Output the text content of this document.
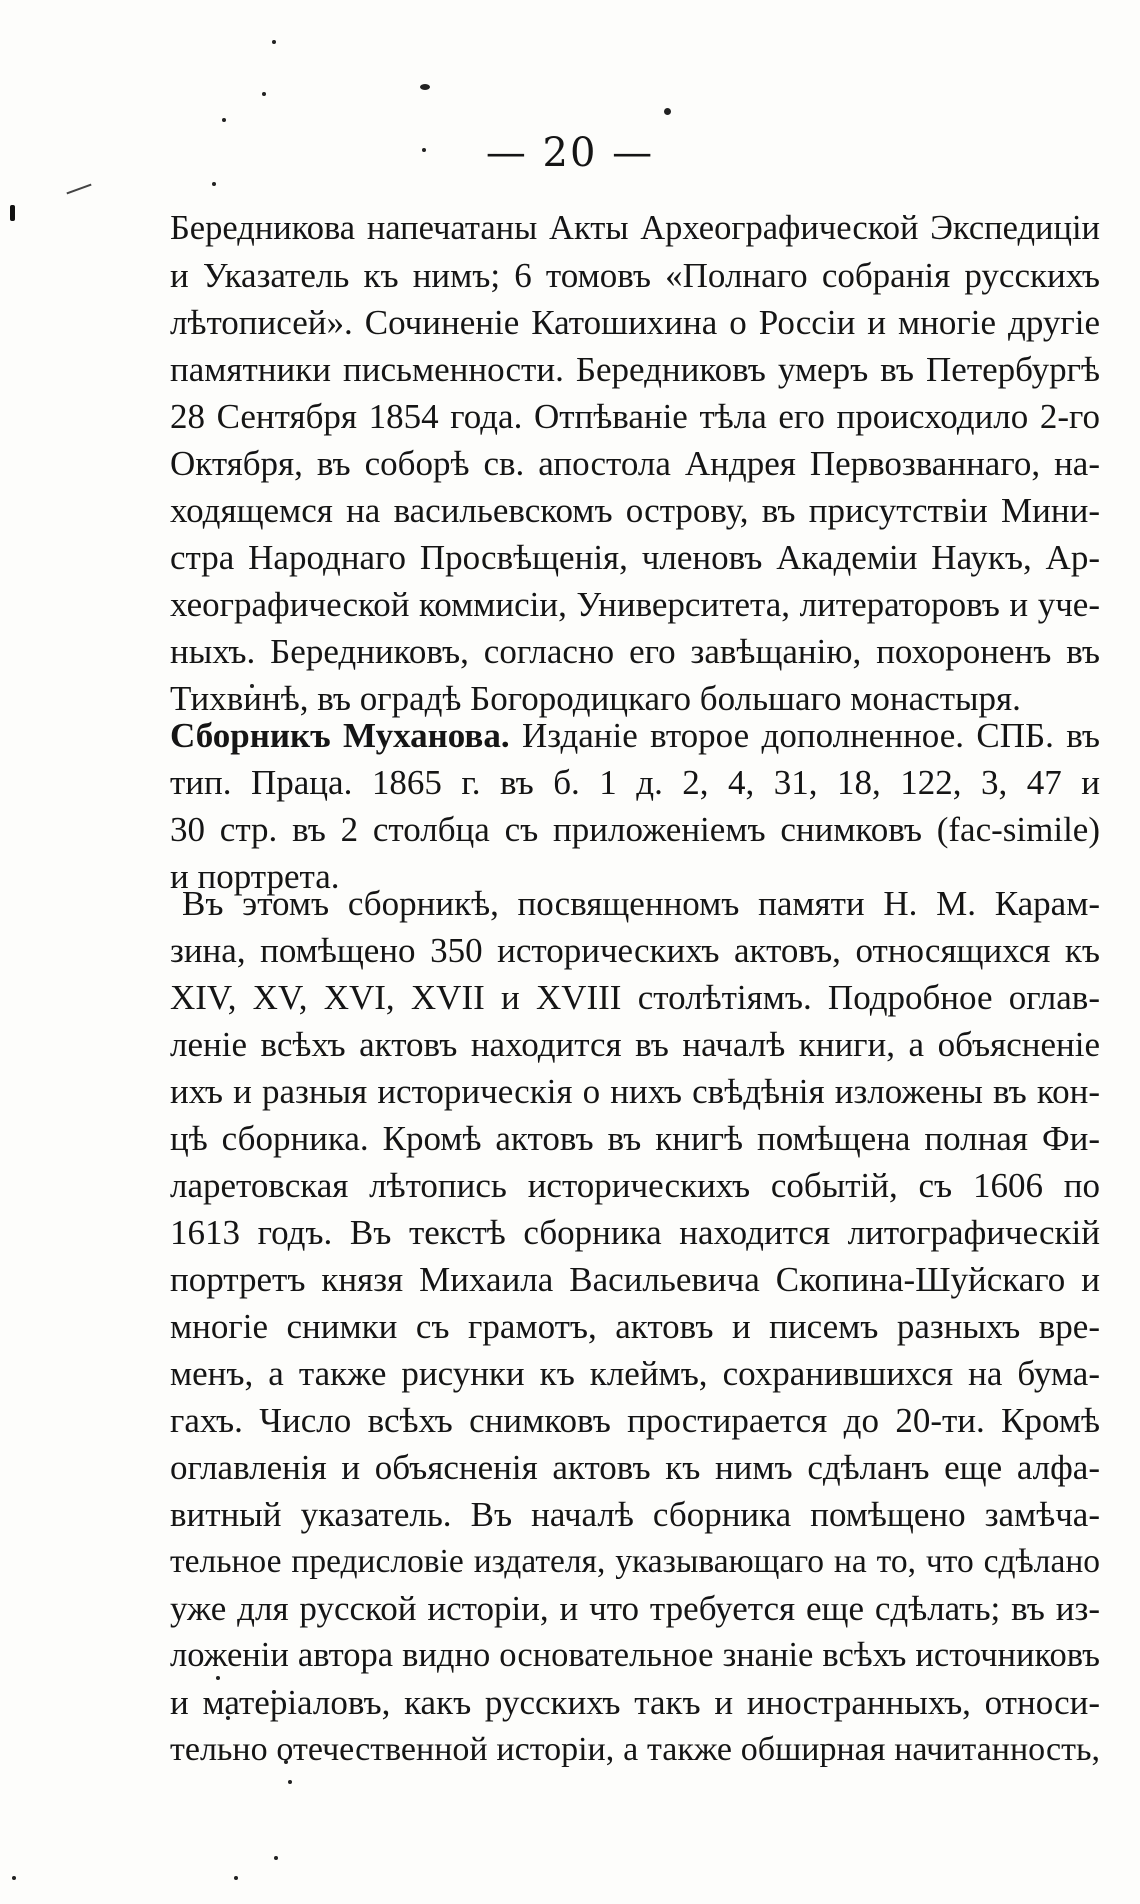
— 20 —
Бередникова напечатаны Акты Археографической Экспедиціи
и Указатель къ нимъ; 6 томовъ «Полнаго собранія русскихъ
лѣтописей». Сочиненіе Катошихина о Россіи и многіе другіе
памятники письменности. Бередниковъ умеръ въ Петербургѣ
28 Сентября 1854 года. Отпѣваніе тѣла его происходило 2-го
Октября, въ соборѣ св. апостола Андрея Первозваннаго, на-
ходящемся на васильевскомъ острову, въ присутствіи Мини-
стра Народнаго Просвѣщенія, членовъ Академіи Наукъ, Ар-
хеографической коммисіи, Университета, литераторовъ и уче-
ныхъ. Бередниковъ, согласно его завѣщанію, похороненъ въ
Тихвинѣ, въ оградѣ Богородицкаго большаго монастыря.
Сборникъ Муханова. Изданіе второе дополненное. СПБ. въ
тип. Праца. 1865 г. въ б. 1 д. 2, 4, 31, 18, 122, 3, 47 и
30 стр. въ 2 столбца съ приложеніемъ снимковъ (fac-simile)
и портрета.
Въ этомъ сборникѣ, посвященномъ памяти Н. М. Карам-
зина, помѣщено 350 историческихъ актовъ, относящихся къ
XIV, XV, XVI, XVII и XVIII столѣтіямъ. Подробное оглав-
леніе всѣхъ актовъ находится въ началѣ книги, а объясненіе
ихъ и разныя историческія о нихъ свѣдѣнія изложены въ кон-
цѣ сборника. Кромѣ актовъ въ книгѣ помѣщена полная Фи-
ларетовская лѣтопись историческихъ событій, съ 1606 по
1613 годъ. Въ текстѣ сборника находится литографическій
портретъ князя Михаила Васильевича Скопина-Шуйскаго и
многіе снимки съ грамотъ, актовъ и писемъ разныхъ вре-
менъ, а также рисунки къ клеймъ, сохранившихся на бума-
гахъ. Число всѣхъ снимковъ простирается до 20-ти. Кромѣ
оглавленія и объясненія актовъ къ нимъ сдѣланъ еще алфа-
витный указатель. Въ началѣ сборника помѣщено замѣча-
тельное предисловіе издателя, указывающаго на то, что сдѣлано
уже для русской исторіи, и что требуется еще сдѣлать; въ из-
ложеніи автора видно основательное знаніе всѣхъ источниковъ
и матеріаловъ, какъ русскихъ такъ и иностранныхъ, относи-
тельно отечественной исторіи, а также обширная начитанность,
